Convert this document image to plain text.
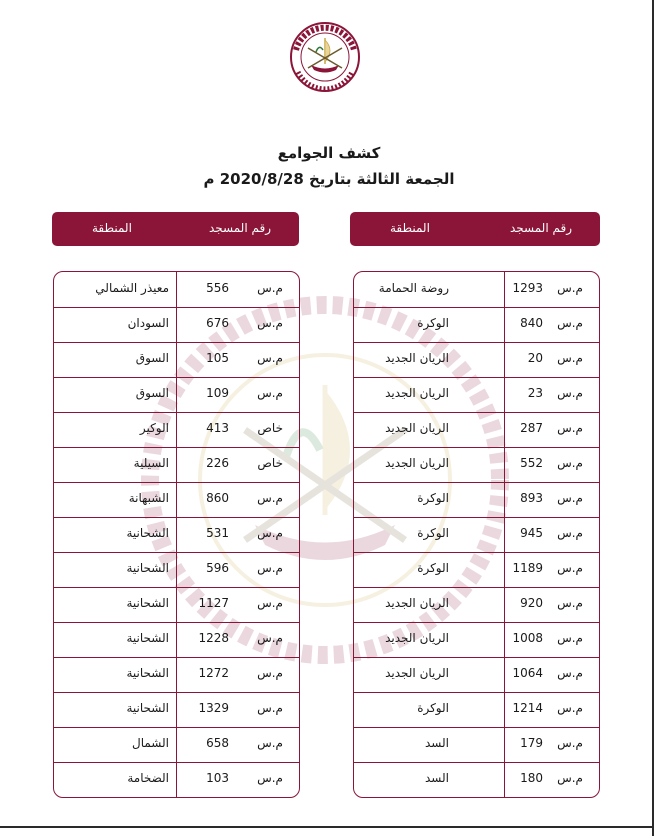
كشف الجوامع
الجمعة الثالثة بتاريخ 2020/8/28 م
رقم المسجد
المنطقة
رقم المسجد
المنطقة
م.س
1293
روضة الحمامة
م.س
840
الوكرة
م.س
20
الريان الجديد
م.س
23
الريان الجديد
م.س
287
الريان الجديد
م.س
552
الريان الجديد
م.س
893
الوكرة
م.س
945
الوكرة
م.س
1189
الوكرة
م.س
920
الريان الجديد
م.س
1008
الريان الجديد
م.س
1064
الريان الجديد
م.س
1214
الوكرة
م.س
179
السد
م.س
180
السد
م.س
556
معيذر الشمالي
م.س
676
السودان
م.س
105
السوق
م.س
109
السوق
خاص
413
الوكير
خاص
226
السيلية
م.س
860
الشبهانة
م.س
531
الشحانية
م.س
596
الشحانية
م.س
1127
الشحانية
م.س
1228
الشحانية
م.س
1272
الشحانية
م.س
1329
الشحانية
م.س
658
الشمال
م.س
103
الضخامة
